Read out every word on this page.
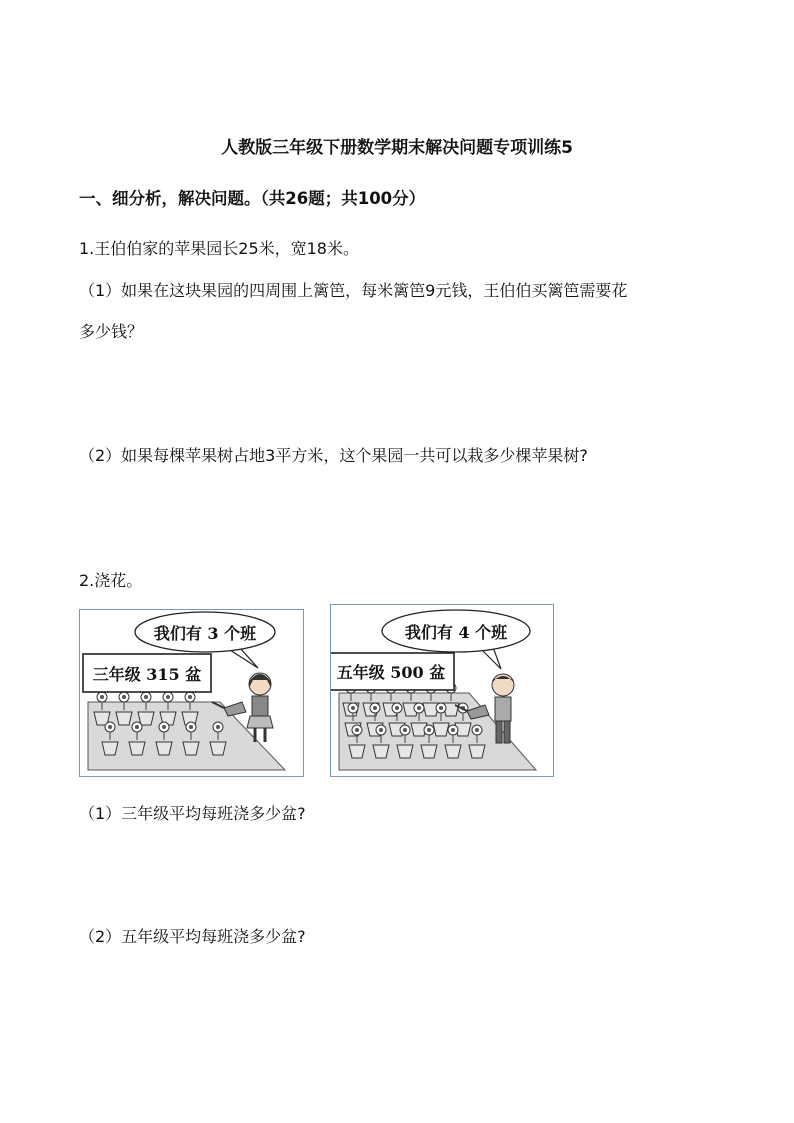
人教版三年级下册数学期末解决问题专项训练5
一、细分析，解决问题。（共26题；共100分）
1.王伯伯家的苹果园长25米，宽18米。
（1）如果在这块果园的四周围上篱笆，每米篱笆9元钱，王伯伯买篱笆需要花
多少钱？
（2）如果每棵苹果树占地3平方米，这个果园一共可以栽多少棵苹果树?
2.浇花。
我们有 3 个班
三年级 315 盆
我们有 4 个班
五年级 500 盆
（1）三年级平均每班浇多少盆?
（2）五年级平均每班浇多少盆?
